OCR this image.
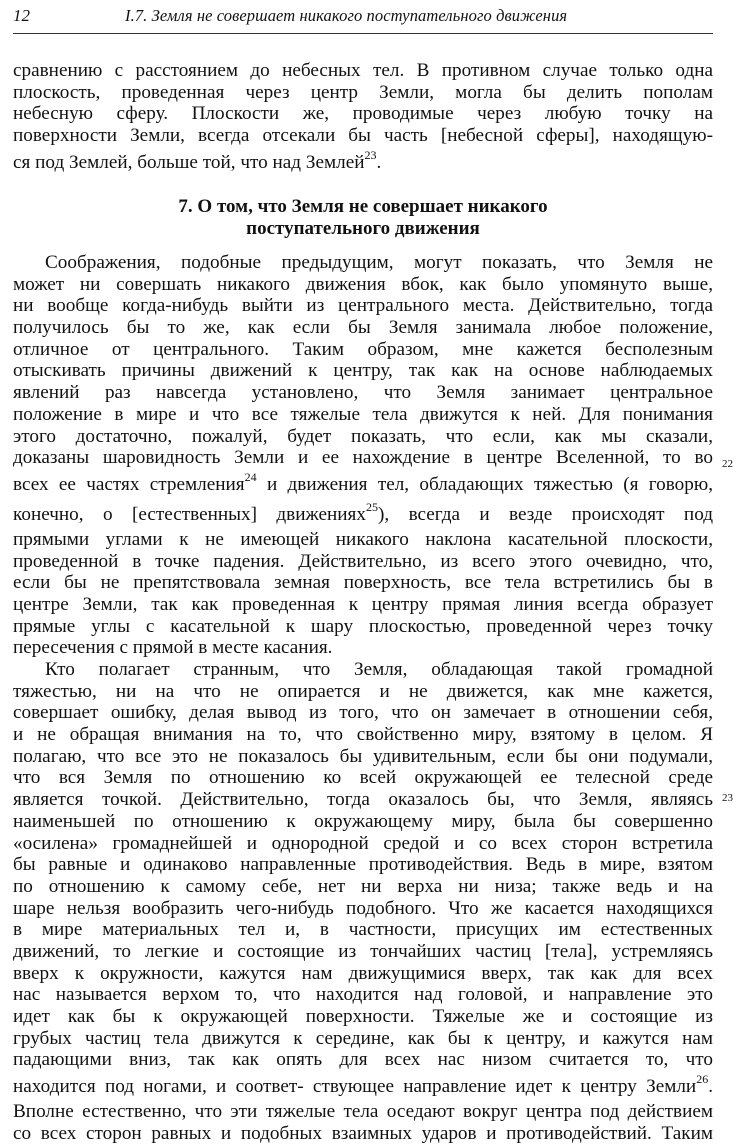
12	I.7. Земля не совершает никакого поступательного движения
сравнению с расстоянием до небесных тел. В противном случае только одна
плоскость, проведенная через центр Земли, могла бы делить пополам
небесную сферу. Плоскости же, проводимые через любую точку на
поверхности Земли, всегда отсекали бы часть [небесной сферы], находящую-
ся под Землей, больше той, что над Землей$^{23}$.
7. О том, что Земля не совершает никакого
поступательного движения
Соображения, подобные предыдущим, могут показать, что Земля не
может ни совершать никакого движения вбок, как было упомянуто выше,
ни вообще когда-нибудь выйти из центрального места. Действительно, тогда
получилось бы то же, как если бы Земля занимала любое положение,
отличное от центрального. Таким образом, мне кажется бесполезным
отыскивать причины движений к центру, так как на основе наблюдаемых
явлений раз навсегда установлено, что Земля занимает центральное
положение в мире и что все тяжелые тела движутся к ней. Для понимания
этого достаточно, пожалуй, будет показать, что если, как мы сказали,
доказаны шаровидность Земли и ее нахождение в центре Вселенной, то во
всех ее частях стремления$^{24}$ и движения тел, обладающих тяжестью (я говорю,
конечно, о [естественных] движениях$^{25}$), всегда и везде происходят под
прямыми углами к не имеющей никакого наклона касательной плоскости,
проведенной в точке падения. Действительно, из всего этого очевидно, что,
если бы не препятствовала земная поверхность, все тела встретились бы в
центре Земли, так как проведенная к центру прямая линия всегда образует
прямые углы с касательной к шару плоскостью, проведенной через точку
пересечения с прямой в месте касания.
Кто полагает странным, что Земля, обладающая такой громадной
тяжестью, ни на что не опирается и не движется, как мне кажется,
совершает ошибку, делая вывод из того, что он замечает в отношении себя,
и не обращая внимания на то, что свойственно миру, взятому в целом. Я
полагаю, что все это не показалось бы удивительным, если бы они подумали,
что вся Земля по отношению ко всей окружающей ее телесной среде
является точкой. Действительно, тогда оказалось бы, что Земля, являясь
наименьшей по отношению к окружающему миру, была бы совершенно
«осилена» громаднейшей и однородной средой и со всех сторон встретила
бы равные и одинаково направленные противодействия. Ведь в мире, взятом
по отношению к самому себе, нет ни верха ни низа; также ведь и на
шаре нельзя вообразить чего-нибудь подобного. Что же касается находящихся
в мире материальных тел и, в частности, присущих им естественных
движений, то легкие и состоящие из тончайших частиц [тела], устремляясь
вверх к окружности, кажутся нам движущимися вверх, так как для всех
нас называется верхом то, что находится над головой, и направление это
идет как бы к окружающей поверхности. Тяжелые же и состоящие из
грубых частиц тела движутся к середине, как бы к центру, и кажутся нам
падающими вниз, так как опять для всех нас низом считается то, что
находится под ногами, и соответ- ствующее направление идет к центру Земли$^{26}$.
Вполне естественно, что эти тяжелые тела оседают вокруг центра под действием
со всех сторон равных и подобных взаимных ударов и противодействий. Таким
22
23
